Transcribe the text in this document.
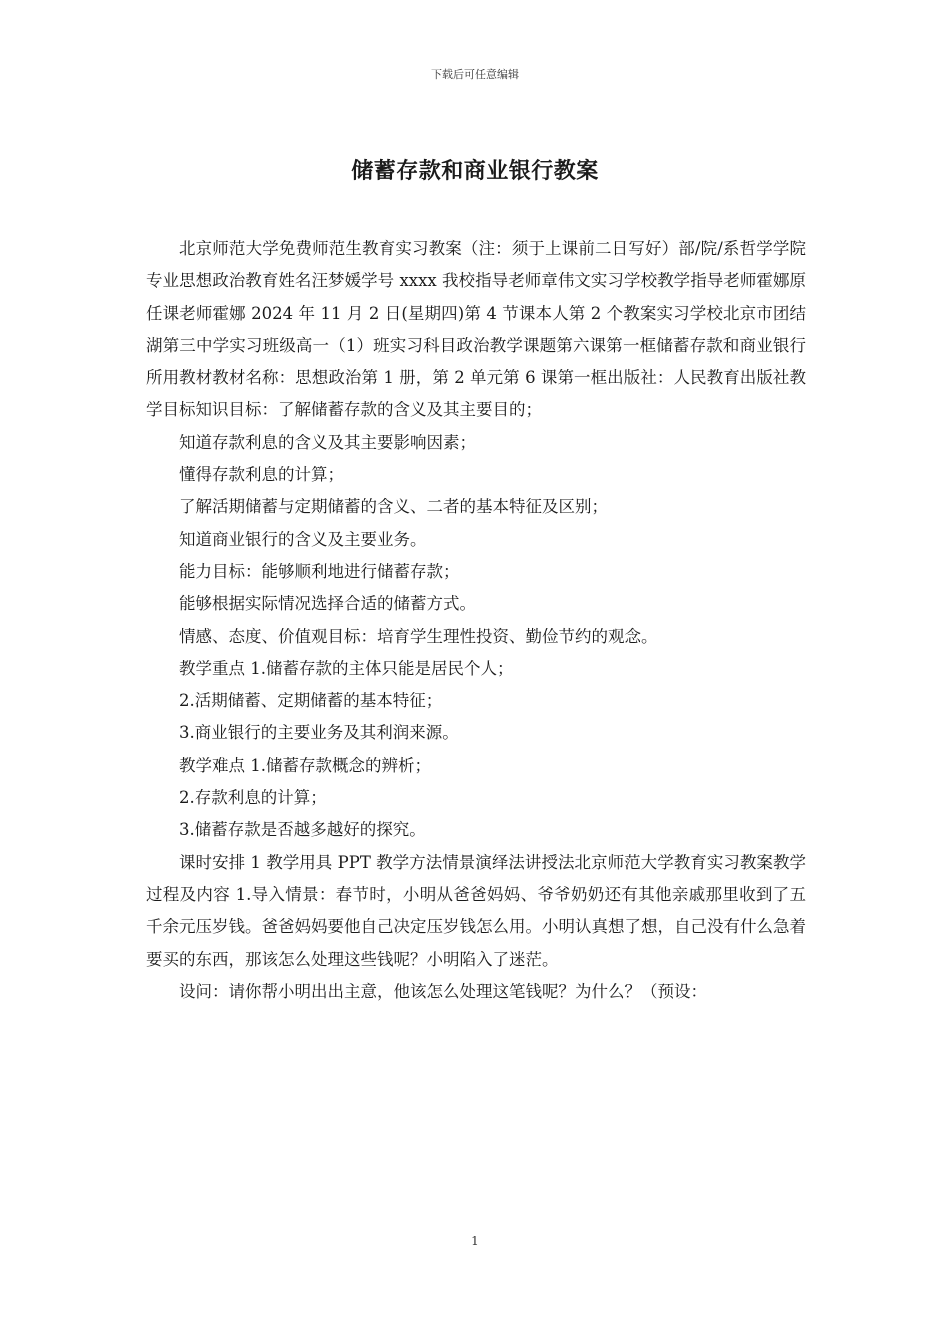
下载后可任意编辑
储蓄存款和商业银行教案

北京师范大学免费师范生教育实习教案（注：须于上课前二日写好）部/院/系哲学学院专业思想政治教育姓名汪梦媛学号 xxxx 我校指导老师章伟文实习学校教学指导老师霍娜原任课老师霍娜 2024 年 11 月 2 日(星期四)第 4 节课本人第 2 个教案实习学校北京市团结湖第三中学实习班级高一（1）班实习科目政治教学课题第六课第一框储蓄存款和商业银行所用教材教材名称：思想政治第 1 册，第 2 单元第 6 课第一框出版社：人民教育出版社教学目标知识目标：了解储蓄存款的含义及其主要目的；

知道存款利息的含义及其主要影响因素；

懂得存款利息的计算；

了解活期储蓄与定期储蓄的含义、二者的基本特征及区别；

知道商业银行的含义及主要业务。

能力目标：能够顺利地进行储蓄存款；

能够根据实际情况选择合适的储蓄方式。

情感、态度、价值观目标：培育学生理性投资、勤俭节约的观念。

教学重点 1.储蓄存款的主体只能是居民个人；

2.活期储蓄、定期储蓄的基本特征；

3.商业银行的主要业务及其利润来源。

教学难点 1.储蓄存款概念的辨析；

2.存款利息的计算；

3.储蓄存款是否越多越好的探究。

课时安排 1 教学用具 PPT 教学方法情景演绎法讲授法北京师范大学教育实习教案教学过程及内容 1.导入情景：春节时，小明从爸爸妈妈、爷爷奶奶还有其他亲戚那里收到了五千余元压岁钱。爸爸妈妈要他自己决定压岁钱怎么用。小明认真想了想，自己没有什么急着要买的东西，那该怎么处理这些钱呢？小明陷入了迷茫。

设问：请你帮小明出出主意，他该怎么处理这笔钱呢？为什么？（预设：

1
